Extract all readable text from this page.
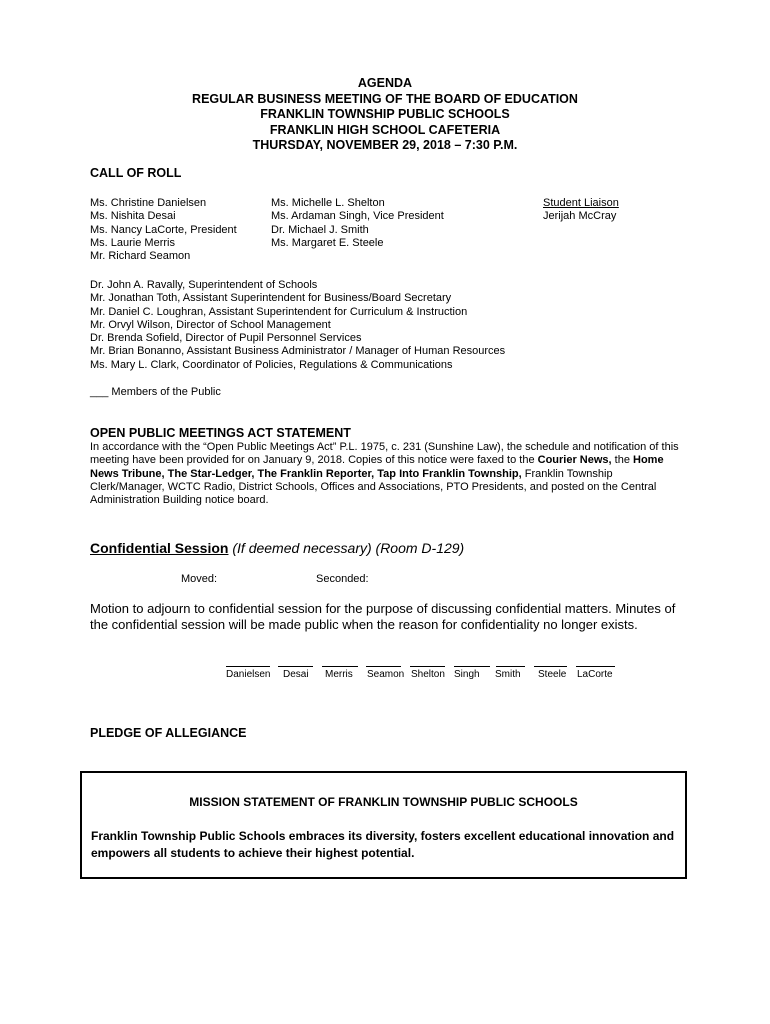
AGENDA
REGULAR BUSINESS MEETING OF THE BOARD OF EDUCATION
FRANKLIN TOWNSHIP PUBLIC SCHOOLS
FRANKLIN HIGH SCHOOL CAFETERIA
THURSDAY, NOVEMBER 29, 2018 – 7:30 P.M.
CALL OF ROLL
Ms. Christine Danielsen
Ms. Nishita Desai
Ms. Nancy LaCorte, President
Ms. Laurie Merris
Mr. Richard Seamon
Ms. Michelle L. Shelton
Ms. Ardaman Singh, Vice President
Dr. Michael J. Smith
Ms. Margaret E. Steele
Student Liaison
Jerijah McCray
Dr. John A. Ravally, Superintendent of Schools
Mr. Jonathan Toth, Assistant Superintendent for Business/Board Secretary
Mr. Daniel C. Loughran, Assistant Superintendent for Curriculum & Instruction
Mr. Orvyl Wilson, Director of School Management
Dr. Brenda Sofield, Director of Pupil Personnel Services
Mr. Brian Bonanno, Assistant Business Administrator / Manager of Human Resources
Ms. Mary L. Clark, Coordinator of Policies, Regulations & Communications
___ Members of the Public
OPEN PUBLIC MEETINGS ACT STATEMENT
In accordance with the “Open Public Meetings Act” P.L. 1975, c. 231 (Sunshine Law), the schedule and notification of this meeting have been provided for on January 9, 2018. Copies of this notice were faxed to the Courier News, the Home News Tribune, The Star-Ledger, The Franklin Reporter, Tap Into Franklin Township, Franklin Township Clerk/Manager, WCTC Radio, District Schools, Offices and Associations, PTO Presidents, and posted on the Central Administration Building notice board.
Confidential Session (If deemed necessary) (Room D-129)
Moved:	Seconded:
Motion to adjourn to confidential session for the purpose of discussing confidential matters. Minutes of the confidential session will be made public when the reason for confidentiality no longer exists.
Danielsen Desai Merris Seamon Shelton Singh Smith Steele LaCorte
PLEDGE OF ALLEGIANCE
MISSION STATEMENT OF FRANKLIN TOWNSHIP PUBLIC SCHOOLS
Franklin Township Public Schools embraces its diversity, fosters excellent educational innovation and empowers all students to achieve their highest potential.
